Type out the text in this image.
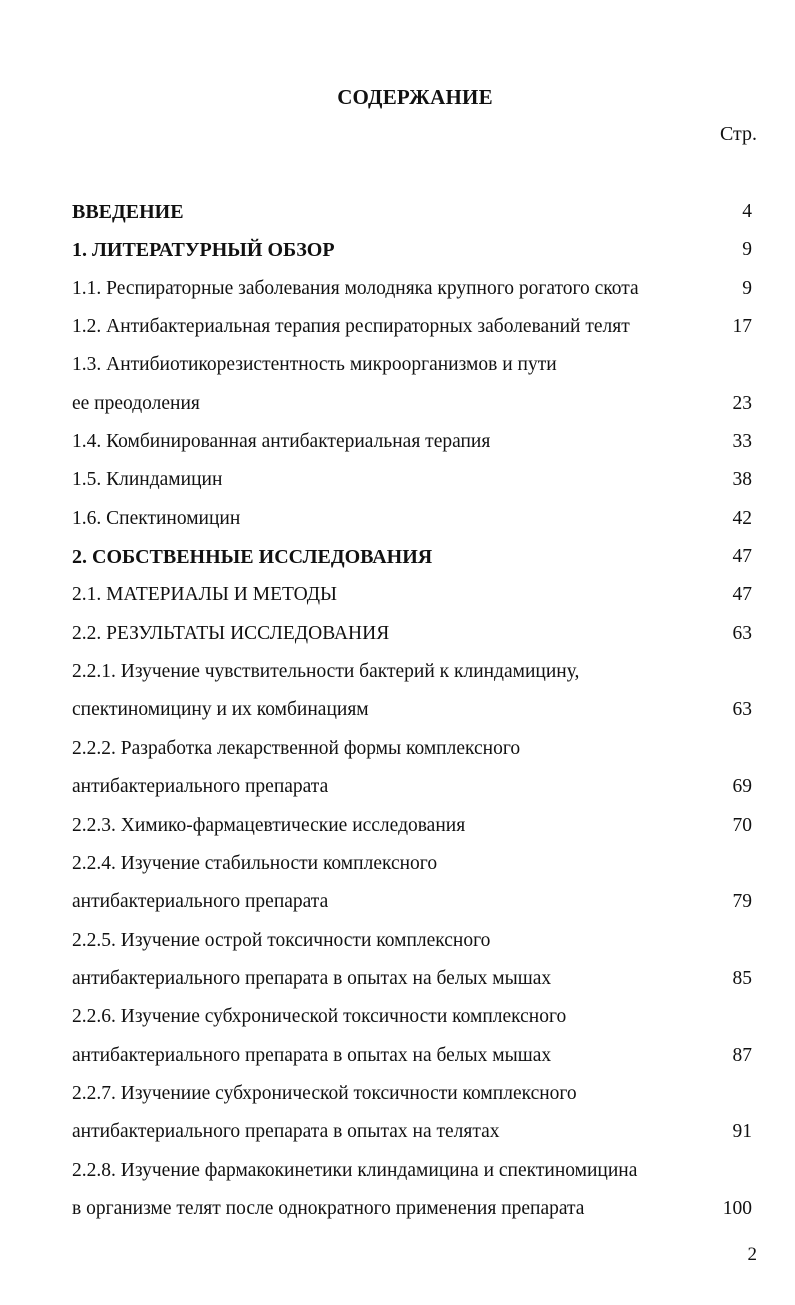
СОДЕРЖАНИЕ
Стр.
ВВЕДЕНИЕ	4
1. ЛИТЕРАТУРНЫЙ ОБЗОР	9
1.1. Респираторные заболевания молодняка крупного рогатого скота	9
1.2. Антибактериальная терапия респираторных заболеваний телят	17
1.3. Антибиотикорезистентность микроорганизмов и пути
ее преодоления	23
1.4. Комбинированная антибактериальная терапия	33
1.5. Клиндамицин	38
1.6. Спектиномицин	42
2. СОБСТВЕННЫЕ ИССЛЕДОВАНИЯ	47
2.1. МАТЕРИАЛЫ И МЕТОДЫ	47
2.2. РЕЗУЛЬТАТЫ ИССЛЕДОВАНИЯ	63
2.2.1. Изучение чувствительности бактерий к клиндамицину,
спектиномицину и их комбинациям	63
2.2.2. Разработка лекарственной формы комплексного
антибактериального препарата	69
2.2.3. Химико-фармацевтические исследования	70
2.2.4. Изучение стабильности комплексного
антибактериального препарата	79
2.2.5. Изучение острой токсичности комплексного
антибактериального препарата в опытах на белых мышах	85
2.2.6. Изучение субхронической токсичности комплексного
антибактериального препарата в опытах на белых мышах	87
2.2.7. Изучениие субхронической токсичности комплексного
антибактериального препарата в опытах на телятах	91
2.2.8. Изучение фармакокинетики клиндамицина и спектиномицина
в организме телят после однократного применения препарата	100
2
